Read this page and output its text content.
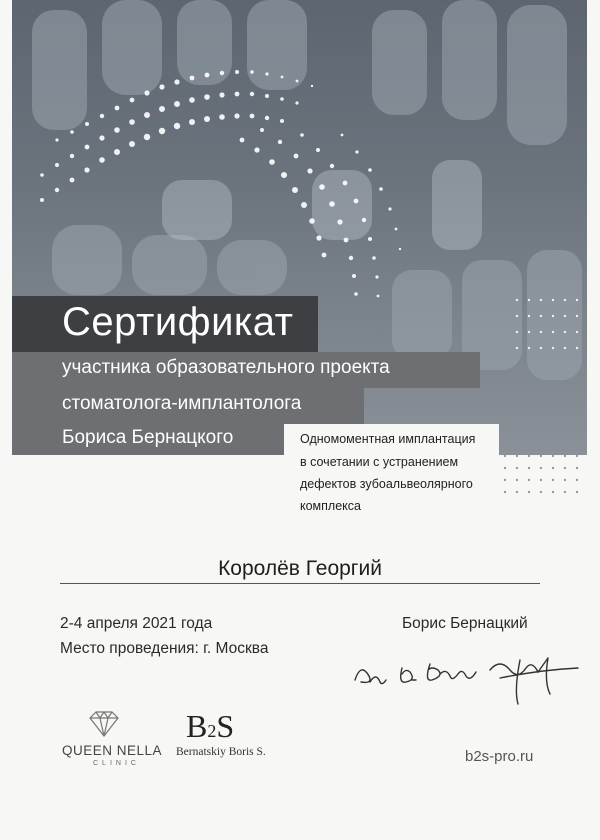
Сертификат
участника образовательного проекта
стоматолога-имплантолога
Бориса Бернацкого	Одномоментная имплантация
в сочетании с устранением
дефектов зубоальвеолярного
комплекса
Королёв Георгий
2-4 апреля 2021 года
Место проведения: г. Москва
Борис Бернацкий
QUEEN NELLA
CLINIC
B2S
Bernatskiy Boris S.	b2s-pro.ru
